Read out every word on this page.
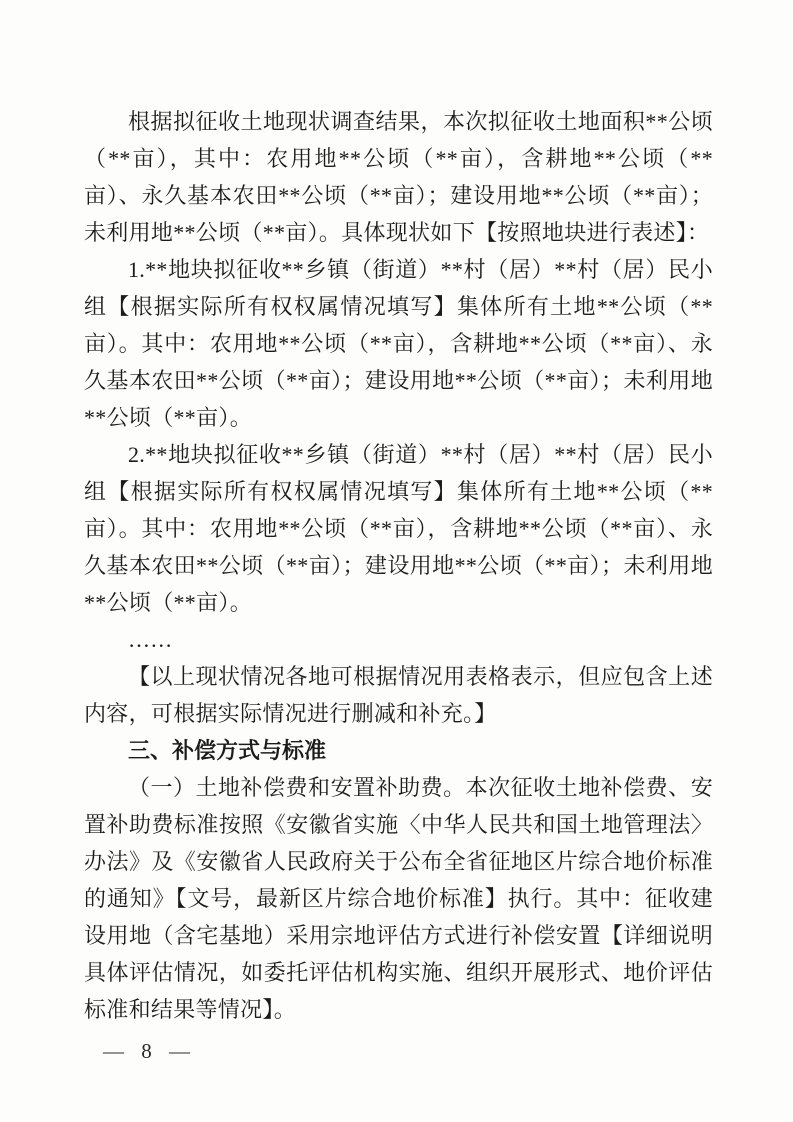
根据拟征收土地现状调查结果，本次拟征收土地面积**公顷（**亩），其中：农用地**公顷（**亩），含耕地**公顷（**亩）、永久基本农田**公顷（**亩）；建设用地**公顷（**亩）；未利用地**公顷（**亩）。具体现状如下【按照地块进行表述】：

1.**地块拟征收**乡镇（街道）**村（居）**村（居）民小组【根据实际所有权权属情况填写】集体所有土地**公顷（**亩）。其中：农用地**公顷（**亩），含耕地**公顷（**亩）、永久基本农田**公顷（**亩）；建设用地**公顷（**亩）；未利用地**公顷（**亩）。

2.**地块拟征收**乡镇（街道）**村（居）**村（居）民小组【根据实际所有权权属情况填写】集体所有土地**公顷（**亩）。其中：农用地**公顷（**亩），含耕地**公顷（**亩）、永久基本农田**公顷（**亩）；建设用地**公顷（**亩）；未利用地**公顷（**亩）。

……

【以上现状情况各地可根据情况用表格表示，但应包含上述内容，可根据实际情况进行删减和补充。】

三、补偿方式与标准

（一）土地补偿费和安置补助费。本次征收土地补偿费、安置补助费标准按照《安徽省实施〈中华人民共和国土地管理法〉办法》及《安徽省人民政府关于公布全省征地区片综合地价标准的通知》【文号，最新区片综合地价标准】执行。其中：征收建设用地（含宅基地）采用宗地评估方式进行补偿安置【详细说明具体评估情况，如委托评估机构实施、组织开展形式、地价评估标准和结果等情况】。

— 8 —
